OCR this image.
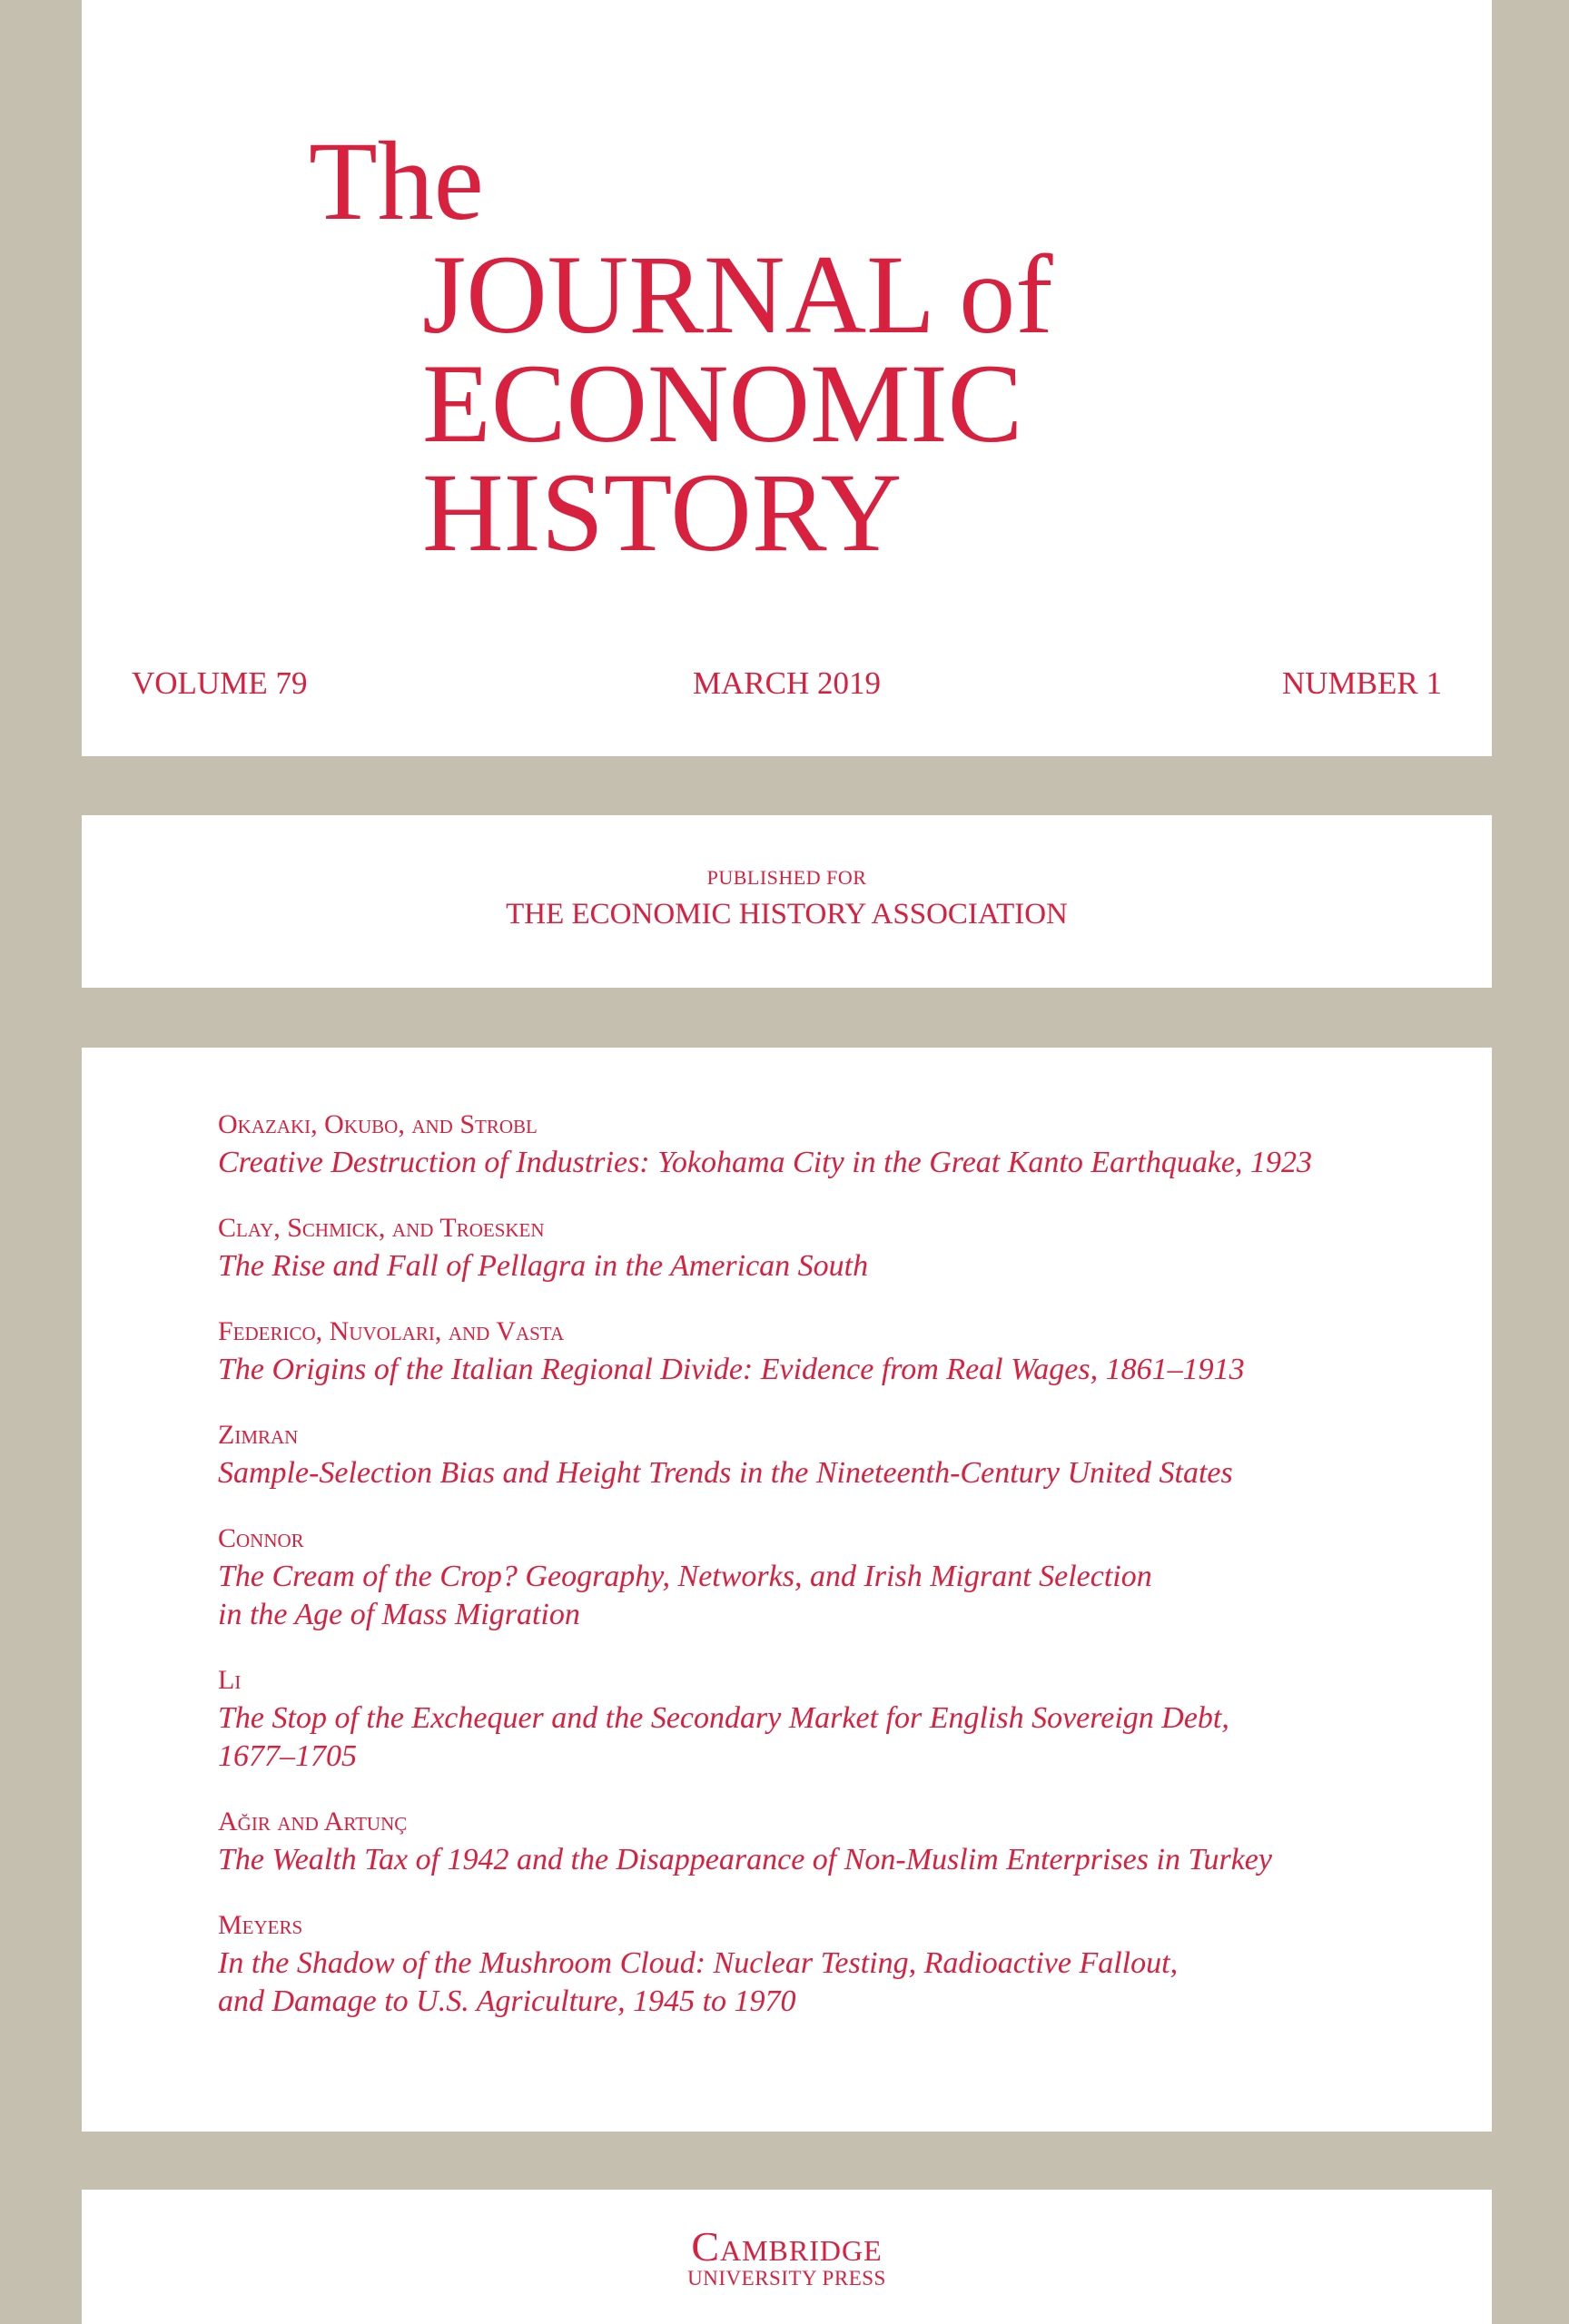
The
JOURNAL of
ECONOMIC
HISTORY
VOLUME 79	MARCH 2019	NUMBER 1
PUBLISHED FOR
THE ECONOMIC HISTORY ASSOCIATION
Okazaki, Okubo, and Strobl
Creative Destruction of Industries: Yokohama City in the Great Kanto Earthquake, 1923
Clay, Schmick, and Troesken
The Rise and Fall of Pellagra in the American South
Federico, Nuvolari, and Vasta
The Origins of the Italian Regional Divide: Evidence from Real Wages, 1861–1913
Zimran
Sample-Selection Bias and Height Trends in the Nineteenth-Century United States
Connor
The Cream of the Crop? Geography, Networks, and Irish Migrant Selection
in the Age of Mass Migration
Li
The Stop of the Exchequer and the Secondary Market for English Sovereign Debt,
1677–1705
Ağır and Artunç
The Wealth Tax of 1942 and the Disappearance of Non-Muslim Enterprises in Turkey
Meyers
In the Shadow of the Mushroom Cloud: Nuclear Testing, Radioactive Fallout,
and Damage to U.S. Agriculture, 1945 to 1970
Cambridge
UNIVERSITY PRESS
